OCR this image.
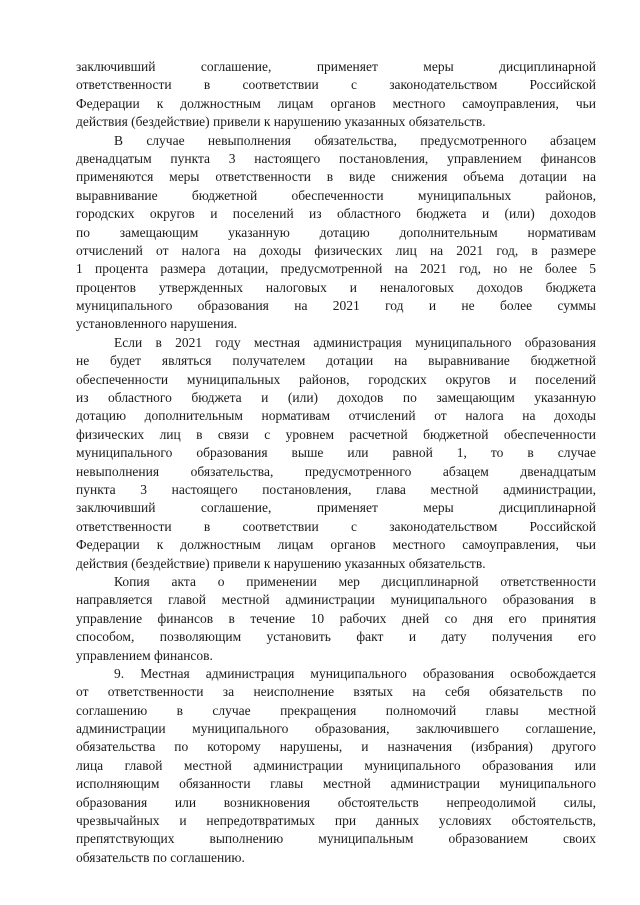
заключивший соглашение, применяет меры дисциплинарной
ответственности в соответствии с законодательством Российской
Федерации к должностным лицам органов местного самоуправления, чьи
действия (бездействие) привели к нарушению указанных обязательств.
В случае невыполнения обязательства, предусмотренного абзацем
двенадцатым пункта 3 настоящего постановления, управлением финансов
применяются меры ответственности в виде снижения объема дотации на
выравнивание бюджетной обеспеченности муниципальных районов,
городских округов и поселений из областного бюджета и (или) доходов
по замещающим указанную дотацию дополнительным нормативам
отчислений от налога на доходы физических лиц на 2021 год, в размере
1 процента размера дотации, предусмотренной на 2021 год, но не более 5
процентов утвержденных налоговых и неналоговых доходов бюджета
муниципального образования на 2021 год и не более суммы
установленного нарушения.
Если в 2021 году местная администрация муниципального образования
не будет являться получателем дотации на выравнивание бюджетной
обеспеченности муниципальных районов, городских округов и поселений
из областного бюджета и (или) доходов по замещающим указанную
дотацию дополнительным нормативам отчислений от налога на доходы
физических лиц в связи с уровнем расчетной бюджетной обеспеченности
муниципального образования выше или равной 1, то в случае
невыполнения обязательства, предусмотренного абзацем двенадцатым
пункта 3 настоящего постановления, глава местной администрации,
заключивший соглашение, применяет меры дисциплинарной
ответственности в соответствии с законодательством Российской
Федерации к должностным лицам органов местного самоуправления, чьи
действия (бездействие) привели к нарушению указанных обязательств.
Копия акта о применении мер дисциплинарной ответственности
направляется главой местной администрации муниципального образования в
управление финансов в течение 10 рабочих дней со дня его принятия
способом, позволяющим установить факт и дату получения его
управлением финансов.
9. Местная администрация муниципального образования освобождается
от ответственности за неисполнение взятых на себя обязательств по
соглашению в случае прекращения полномочий главы местной
администрации муниципального образования, заключившего соглашение,
обязательства по которому нарушены, и назначения (избрания) другого
лица главой местной администрации муниципального образования или
исполняющим обязанности главы местной администрации муниципального
образования или возникновения обстоятельств непреодолимой силы,
чрезвычайных и непредотвратимых при данных условиях обстоятельств,
препятствующих выполнению муниципальным образованием своих
обязательств по соглашению.
